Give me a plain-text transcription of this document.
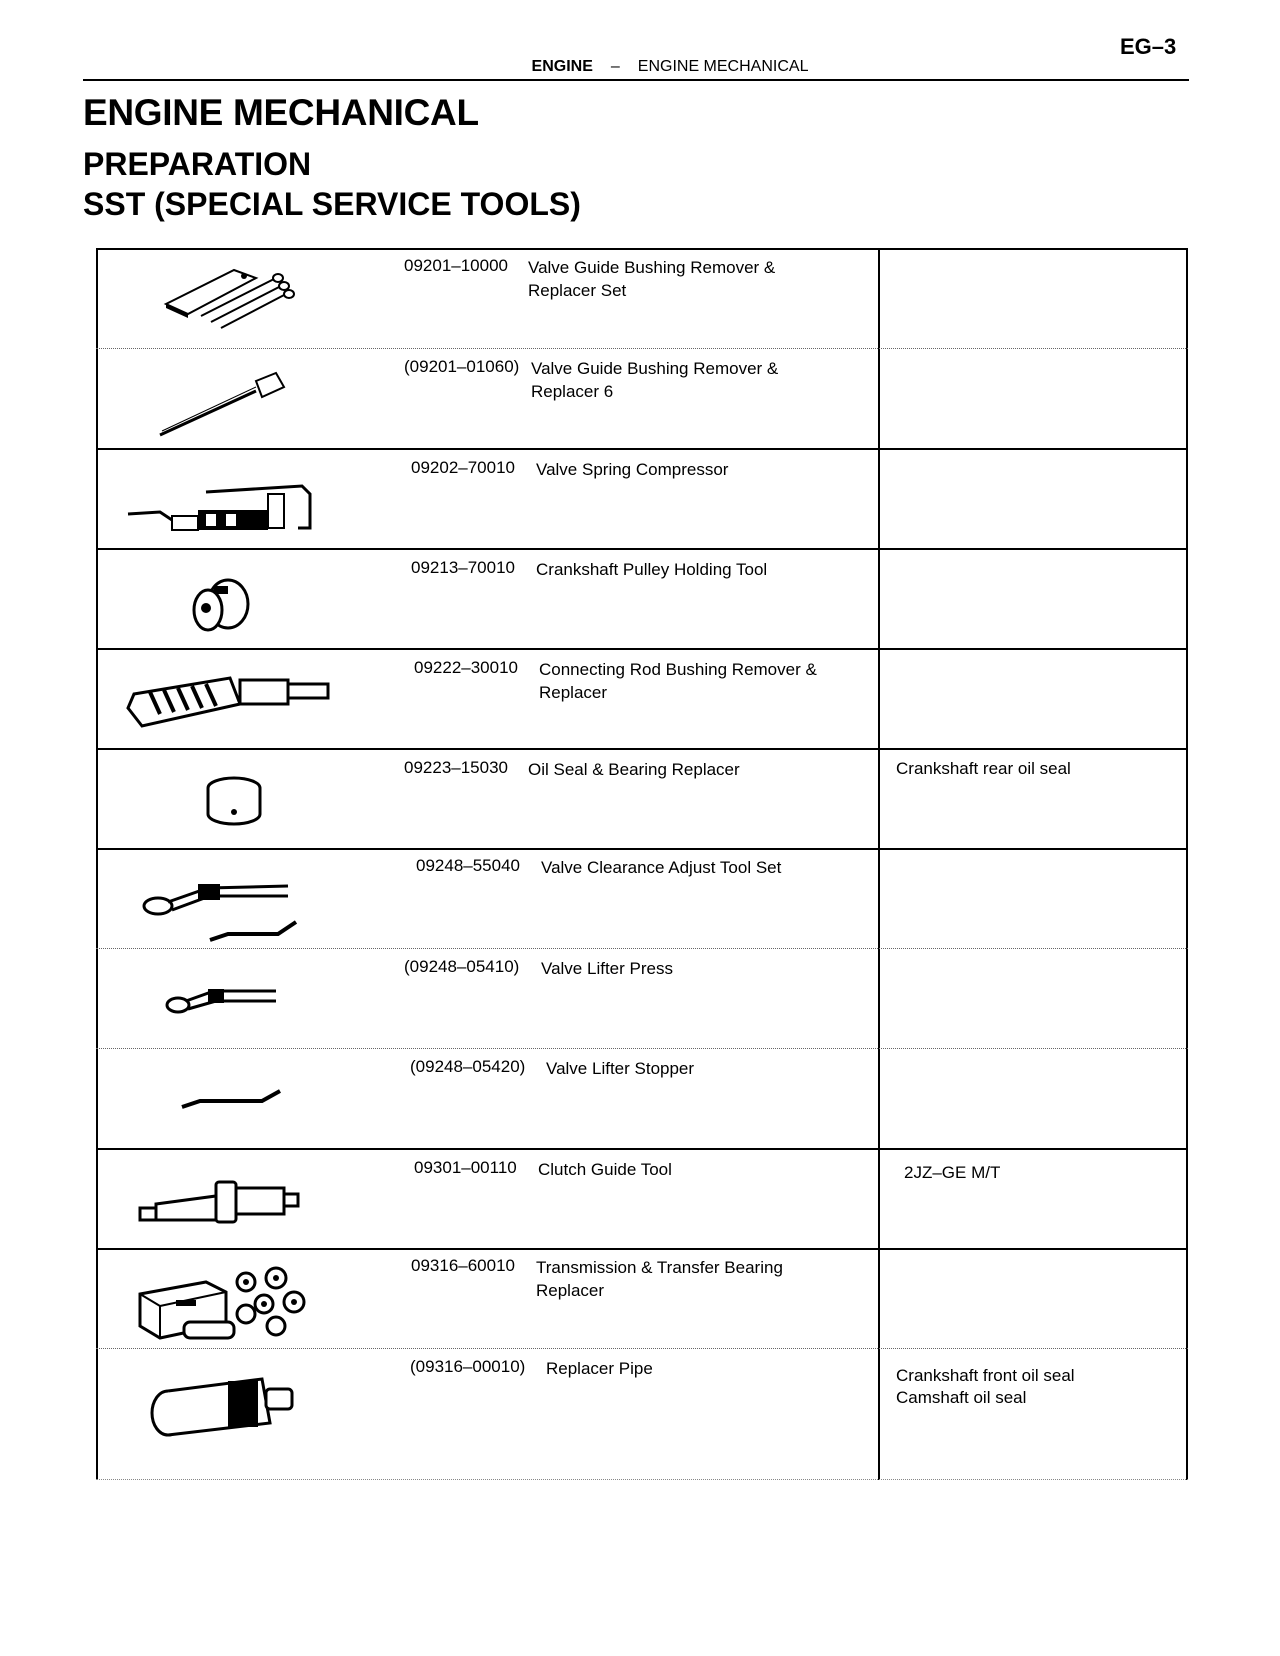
EG–3
ENGINE – ENGINE MECHANICAL
ENGINE MECHANICAL
PREPARATION
SST (SPECIAL SERVICE TOOLS)
09201–10000 Valve Guide Bushing Remover & Replacer Set
(09201–01060) Valve Guide Bushing Remover & Replacer 6
09202–70010 Valve Spring Compressor
09213–70010 Crankshaft Pulley Holding Tool
09222–30010 Connecting Rod Bushing Remover & Replacer
09223–15030 Oil Seal & Bearing Replacer	Crankshaft rear oil seal
09248–55040 Valve Clearance Adjust Tool Set
(09248–05410) Valve Lifter Press
(09248–05420) Valve Lifter Stopper
09301–00110 Clutch Guide Tool	2JZ–GE M/T
09316–60010 Transmission & Transfer Bearing Replacer
(09316–00010) Replacer Pipe	Crankshaft front oil seal
Camshaft oil seal
